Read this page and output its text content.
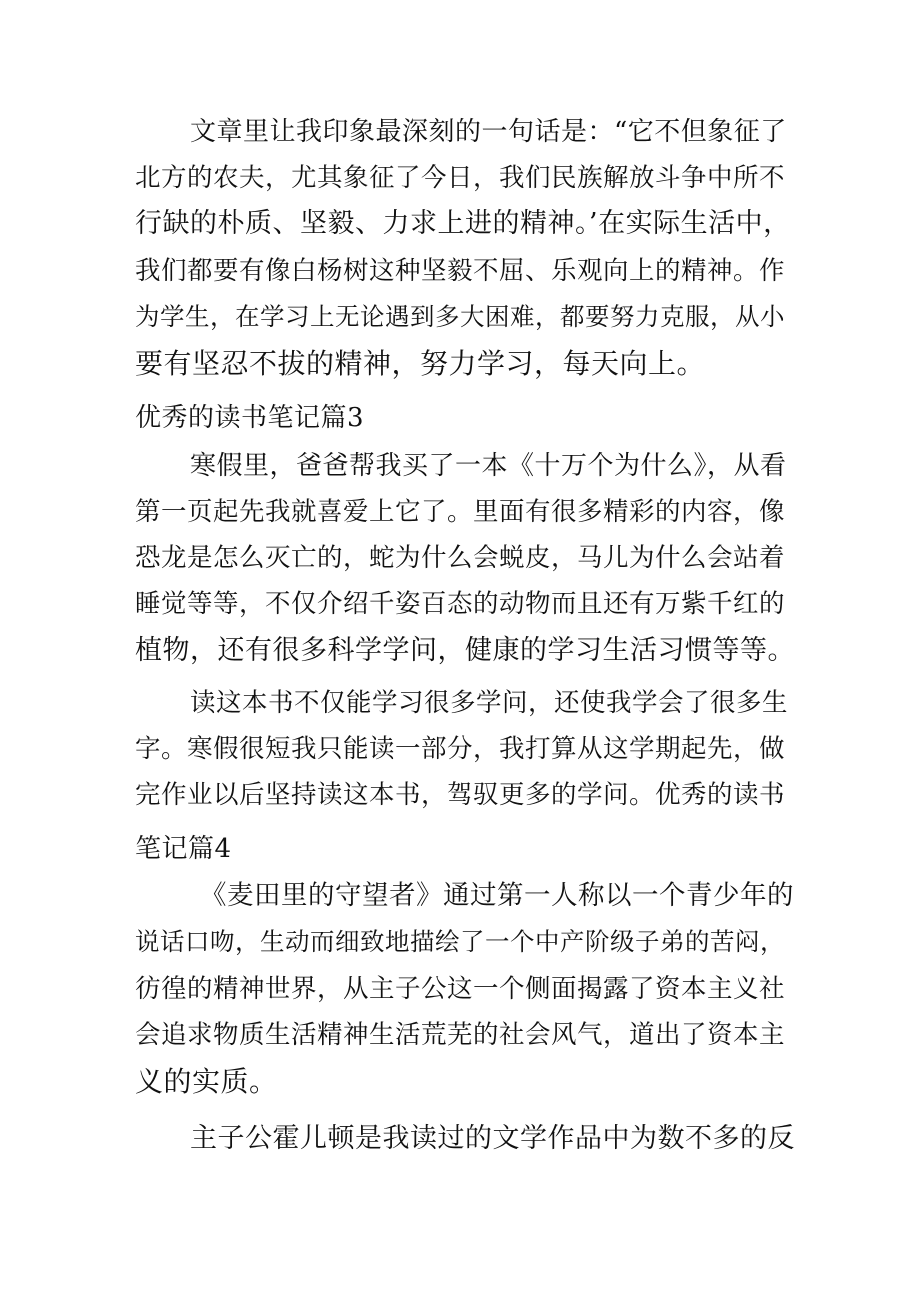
文章里让我印象最深刻的一句话是：“它不但象征了
北方的农夫，尤其象征了今日，我们民族解放斗争中所不
行缺的朴质、坚毅、力求上进的精神。’在实际生活中，
我们都要有像白杨树这种坚毅不屈、乐观向上的精神。作
为学生，在学习上无论遇到多大困难，都要努力克服，从小
要有坚忍不拔的精神，努力学习，每天向上。
优秀的读书笔记篇3
寒假里，爸爸帮我买了一本《十万个为什么》，从看
第一页起先我就喜爱上它了。里面有很多精彩的内容，像
恐龙是怎么灭亡的，蛇为什么会蜕皮，马儿为什么会站着
睡觉等等，不仅介绍千姿百态的动物而且还有万紫千红的
植物，还有很多科学学问，健康的学习生活习惯等等。
读这本书不仅能学习很多学问，还使我学会了很多生
字。寒假很短我只能读一部分，我打算从这学期起先，做
完作业以后坚持读这本书，驾驭更多的学问。优秀的读书
笔记篇4
《麦田里的守望者》通过第一人称以一个青少年的
说话口吻，生动而细致地描绘了一个中产阶级子弟的苦闷，
彷徨的精神世界，从主子公这一个侧面揭露了资本主义社
会追求物质生活精神生活荒芜的社会风气，道出了资本主
义的实质。
主子公霍儿顿是我读过的文学作品中为数不多的反
